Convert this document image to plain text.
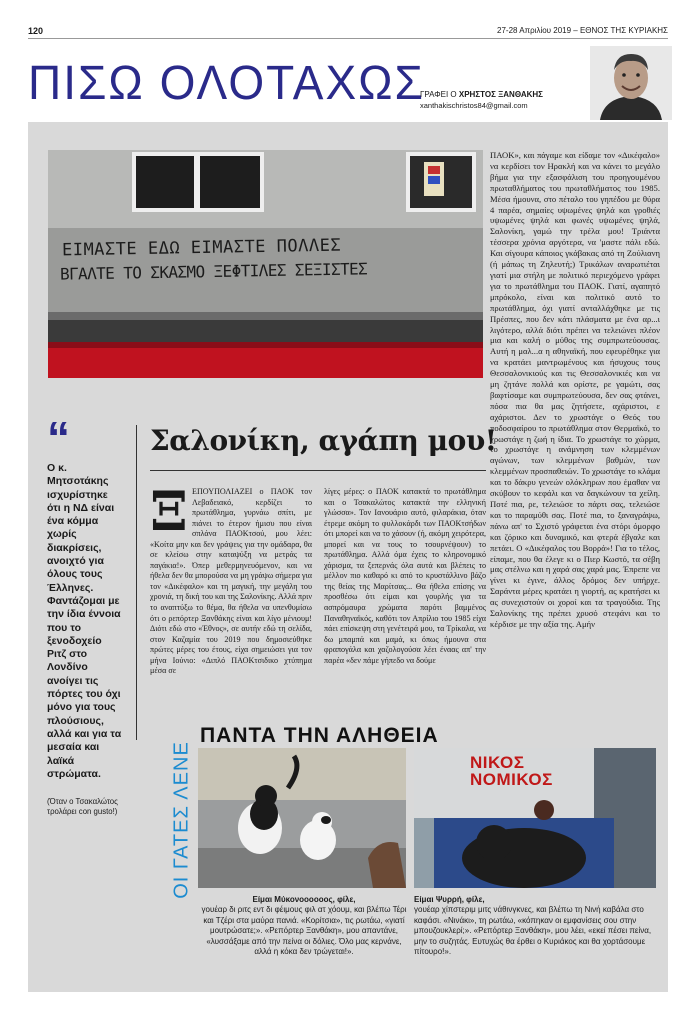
120	27-28 Απριλίου 2019 – ΕΘΝΟΣ ΤΗΣ ΚΥΡΙΑΚΗΣ
ΠΙΣΩ ΟΛΟΤΑΧΩΣ
ΓΡΑΦΕΙ Ο ΧΡΗΣΤΟΣ ΞΑΝΘΑΚΗΣ
xanthakischristos84@gmail.com
ΕΙΜΑΣΤΕ ΕΔΩ ΕΙΜΑΣΤΕ ΠΟΛΛΕΣ
ΒΓΑΛΤΕ ΤΟ ΣΚΑΣΜΟ ΞΕΦΤΙΛΕΣ ΣΕΞΙΣΤΕΣ
ΠΑΟΚ», και πάγαμε και είδαμε τον «Δικέφαλο» να κερδίσει τον Ηρακλή και να κάνει το μεγάλο βήμα για την εξασφάλιση του προηγουμένου πρωταθλήματος του πρωταθλήματος του 1985. Μέσα ήμουνα, στο πέταλο του γηπέδου με θύρα 4 παρέα, σημαίες υψωμένες ψηλά και γροθιές υψωμένες ψηλά και φωνές υψωμένες ψηλά, Σαλονίκη, γαμώ την τρέλα μου! Τριάντα τέσσερα χρόνια αργότερα, να 'μαστε πάλι εδώ. Και σίγουρα κάποιος γκάβακας από τη Ζούλιανη (ή μάπως τη Ζηλευτή;) Τρικάλων αναρωτιέται γιατί μια στήλη με πολιτικό περιεχόμενο γράφει για το πρωτάθλημα του ΠΑΟΚ. Γιατί, αγαπητό μπρόκολο, είναι και πολιτικό αυτό το πρωτάθλημα, όχι γιατί ανταλλάχθηκε με τις Πρέσπες, που δεν κάτι πλάσματα με ένα αρ...ι λιγότερο, αλλά διότι πρέπει να τελειώνει πλέον μια και καλή ο μύθος της συμπρωτεύουσας. Αυτή η μαλ...α η αθηναϊκή, που εφευρέθηκε για να κρατάει μαντρωμένους και ήσυχους τους Θεσσαλονικιούς και τις Θεσσαλονικιές και να μη ζητάνε πολλά και ορίστε, ρε γαμώτι, σας βαφτίσαμε και συμπρωτεύουσα, δεν σας φτάνει, πόσα πια θα μας ζητήσετε, αχάριστοι, ε αχάριστοι. Δεν το χρωστάγε ο Θεός του ποδοσφαίρου το πρωτάθλημα στον Θερμαϊκό, το χρωστάγε η ζωή η ίδια. Το χρωστάγε το χώρμα, το χρωστάγε η ανάμνηση των κλεμμένων αγώνων, των κλεμμένων βαθμών, των κλεμμένων προσπαθειών. Το χρωστάγε το κλάμα και το δάκρυ γενεών ολόκληρων που έμαθαν να σκύβουν το κεφάλι και να δαγκώνουν τα χείλη. Ποτέ πια, ρε, τελειώσε το πάρτι σας, τελειώσε και το παραμύθι σας. Ποτέ πια, το ξαναγράψω, πάνω απ' το Σχιστό γράφεται ένα στόρι όμορφο και ζόρικο και δυναμικό, και φτερά έβγαλε και πετάει. Ο «Δικέφαλος του Βορρά»! Για το τέλος, είπαμε, που θα έλεγε κι ο Πιερ Κωστό, τα σέβη μας στέλνω και η χαρά σας χαρά μας. Έπρεπε να γίνει κι έγινε, άλλος δρόμος δεν υπήρχε. Σαράντα μέρες κρατάει η γιορτή, ας κρατήσει κι ας συνεχιστούν οι χοροί και τα τραγούδια. Της Σαλονίκης της πρέπει χρυσό στεφάνι και το κέρδισε με την αξία της. Αμήν
“
Ο κ. Μητσοτάκης ισχυρίστηκε ότι η ΝΔ είναι ένα κόμμα χωρίς διακρίσεις, ανοιχτό για όλους τους Έλληνες. Φαντάζομαι με την ίδια έννοια που το ξενοδοχείο Ριτζ στο Λονδίνο ανοίγει τις πόρτες του όχι μόνο για τους πλούσιους, αλλά και για τα μεσαία και λαϊκά στρώματα.
(Όταν ο Τσακαλώτος τρολάρει con gusto!)
Σαλονίκη, αγάπη μου!
Ξ ΕΠΟΥΠΟΛΙΑΖΕΙ ο ΠΑΟΚ τον Λεβαδειακό, κερδίζει το πρωτάθλημα, γυρνάω σπίτι, με πιάνει το έτερον ήμισυ που είναι σπλάνα ΠΑΟΚτσού, μου λέει: «Κοίτα μην και δεν γράψεις για την ομάδαρα, θα σε κλείσω στην καταψύξη να μετράς τα παγάκια!». Όπερ μεθερμηνευόμενον, και να ήθελα δεν θα μπορούσα να μη γράψω σήμερα για τον «Δικέφαλο» και τη μαγική, την μεγάλη του χρονιά, τη δική του και της Σαλονίκης. Αλλά πριν το αναπτύξω το θέμα, θα ήθελα να υπενθυμίσω ότι ο ρεπόρτερ Ξανθάκης είναι και λίγο μένιουμ! Διότι εδώ στο «Έθνος», σε αυτήν εδώ τη σελίδα, στον Καζαμία του 2019 που δημοσιεύθηκε πρώτες μέρες του έτους, είχα σημειώσει για τον μήνα Ιούνιο: «Διπλό ΠΑΟΚτσιδικο χτύπημα μέσα σε
λίγες μέρες: ο ΠΑΟΚ κατακτά το πρωτάθλημα και ο Τσακαλώτος κατακτά την ελληνική γλώσσα». Τον Ιανουάριο αυτό, φιλαράκια, όταν έτρεμε ακόμη το φυλλοκάρδι των ΠΑΟΚτσήδων ότι μπορεί και να το χάσουν (ή, ακόμη χειρότερα, μπορεί και να τους το τσουρνέψουν) το πρωτάθλημα. Αλλά όμα έχεις το κληρονομικό χάρισμα, τα ξεπερνάς όλα αυτά και βλέπεις το μέλλον πιο καθαρό κι από το κρυστάλλινο βάζο της θείας της Μαρίτσας... Θα ήθελα επίσης να προσθέσω ότι είμαι και γουρλής για τα ασπρόμαυρα χρώματα παρότι βαμμένος Παναθηναϊκός, καθότι τον Απρίλιο του 1985 είχα πάει επίσκεψη στη γενέτειρά μου, τα Τρίκαλα, να δω μπαμπά και μαμά, κι όπως ήμουνα στα φραπογάλα και χαζολογούσα λέει έναας απ' την παρέα «δεν πάμε γήπεδο να δούμε
ΟΙ ΓΑΤΕΣ ΛΕΝΕ
ΠΑΝΤΑ ΤΗΝ ΑΛΗΘΕΙΑ
ΝΙΚΟΣ ΝΟΜΙΚΟΣ
Είμαι Μύκονοοοοοος, φίλε,
γουέαρ δι ριτς εντ δι φέιμους φιλ ατ χόουμ, και βλέπω Τέρι και Τζέρι στα μαύρα πανιά. «Κορίτσια», τις ρωτάω, «γιατί μουτρώσατε;». «Ρεπόρτερ Ξανθάκη», μου απαντάνε, «λυσσάξαμε από την πείνα οι δόλιες. Όλο μας κερνάνε, αλλά η κόκα δεν τρώγεται!».
Είμαι Ψυρρή, φίλε,
γουέαρ χίπστεριμ μιτς νάθινγκνες, και βλέπω τη Νινή καβάλα στο καφάσι. «Νινάκι», τη ρωτάω, «κόπηκαν οι εμφανίσεις σου στην μπουζουκλερί;». «Ρεπόρτερ Ξανθάκη», μου λέει, «εκεί πέσει πείνα, μην το συζητάς. Ευτυχώς θα έρθει ο Κυριάκος και θα χορτάσουμε πίτουρο!».
